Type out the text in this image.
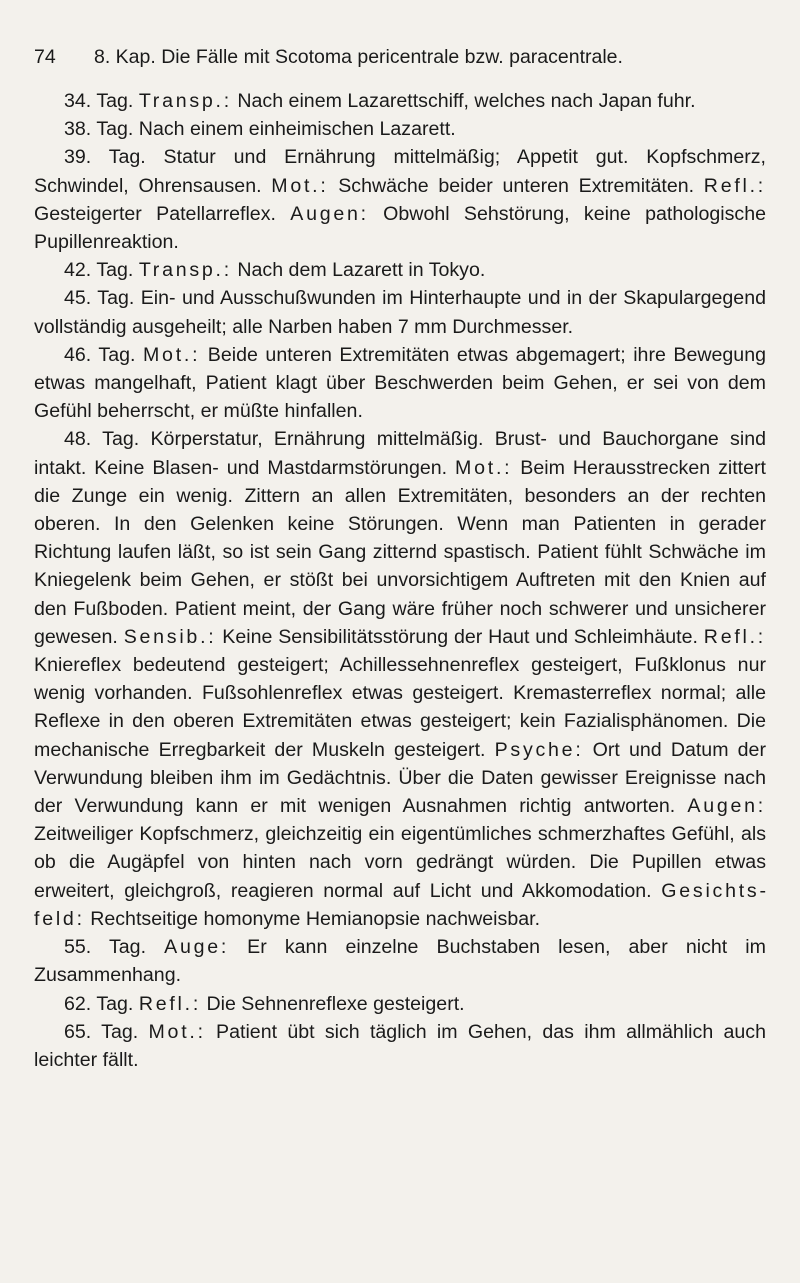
74 8. Kap. Die Fälle mit Scotoma pericentrale bzw. paracentrale.

34. Tag. Transp.: Nach einem Lazarettschiff, welches nach Japan fuhr.

38. Tag. Nach einem einheimischen Lazarett.

39. Tag. Statur und Ernährung mittelmäßig; Appetit gut. Kopfschmerz, Schwindel, Ohrensausen. Mot.: Schwäche beider unteren Extremitäten. Refl.: Gesteigerter Patellarreflex. Augen: Obwohl Sehstörung, keine pathologische Pupillenreaktion.

42. Tag. Transp.: Nach dem Lazarett in Tokyo.

45. Tag. Ein- und Ausschußwunden im Hinterhaupte und in der Skapulargegend vollständig ausgeheilt; alle Narben haben 7 mm Durchmesser.

46. Tag. Mot.: Beide unteren Extremitäten etwas abgemagert; ihre Bewegung etwas mangelhaft, Patient klagt über Beschwerden beim Gehen, er sei von dem Gefühl beherrscht, er müßte hinfallen.

48. Tag. Körperstatur, Ernährung mittelmäßig. Brust- und Bauchorgane sind intakt. Keine Blasen- und Mastdarmstörungen. Mot.: Beim Herausstrecken zittert die Zunge ein wenig. Zittern an allen Extremitäten, besonders an der rechten oberen. In den Gelenken keine Störungen. Wenn man Patienten in gerader Richtung laufen läßt, so ist sein Gang zitternd spastisch. Patient fühlt Schwäche im Kniegelenk beim Gehen, er stößt bei unvorsichtigem Auftreten mit den Knien auf den Fußboden. Patient meint, der Gang wäre früher noch schwerer und unsicherer gewesen. Sensib.: Keine Sensibilitätsstörung der Haut und Schleimhäute. Refl.: Kniereflex bedeutend gesteigert; Achillessehnenreflex gesteigert, Fußklonus nur wenig vorhanden. Fußsohlenreflex etwas gesteigert. Kremasterreflex normal; alle Reflexe in den oberen Extremitäten etwas gesteigert; kein Fazialisphänomen. Die mechanische Erregbarkeit der Muskeln gesteigert. Psyche: Ort und Datum der Verwundung bleiben ihm im Gedächtnis. Über die Daten gewisser Ereignisse nach der Verwundung kann er mit wenigen Ausnahmen richtig antworten. Augen: Zeitweiliger Kopfschmerz, gleichzeitig ein eigentümliches schmerzhaftes Gefühl, als ob die Augäpfel von hinten nach vorn gedrängt würden. Die Pupillen etwas erweitert, gleichgroß, reagieren normal auf Licht und Akkomodation. Gesichtsfeld: Rechtseitige homonyme Hemianopsie nachweisbar.

55. Tag. Auge: Er kann einzelne Buchstaben lesen, aber nicht im Zusammenhang.

62. Tag. Refl.: Die Sehnenreflexe gesteigert.

65. Tag. Mot.: Patient übt sich täglich im Gehen, das ihm allmählich auch leichter fällt.
